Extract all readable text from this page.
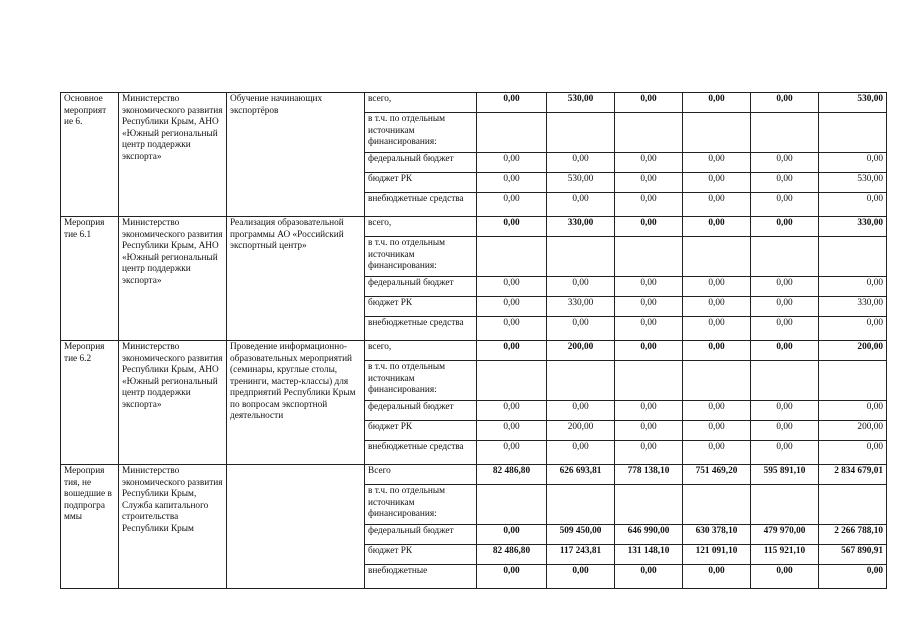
Основное мероприят ие 6.	Министерство экономического развития Республики Крым, АНО «Южный региональный центр поддержки экспорта»	Обучение начинающих экспортёров	всего,	0,00	530,00	0,00	0,00	0,00	530,00
			в т.ч. по отдельным источникам финансирования:						
			федеральный бюджет	0,00	0,00	0,00	0,00	0,00	0,00
			бюджет РК	0,00	530,00	0,00	0,00	0,00	530,00
			внебюджетные средства	0,00	0,00	0,00	0,00	0,00	0,00
Мероприя тие 6.1	Министерство экономического развития Республики Крым, АНО «Южный региональный центр поддержки экспорта»	Реализация образовательной программы АО «Российский экспортный центр»	всего,	0,00	330,00	0,00	0,00	0,00	330,00
			в т.ч. по отдельным источникам финансирования:						
			федеральный бюджет	0,00	0,00	0,00	0,00	0,00	0,00
			бюджет РК	0,00	330,00	0,00	0,00	0,00	330,00
			внебюджетные средства	0,00	0,00	0,00	0,00	0,00	0,00
Мероприя тие 6.2	Министерство экономического развития Республики Крым, АНО «Южный региональный центр поддержки экспорта»	Проведение информационно-образовательных мероприятий (семинары, круглые столы, тренинги, мастер-классы) для предприятий Республики Крым по вопросам экспортной деятельности	всего,	0,00	200,00	0,00	0,00	0,00	200,00
			в т.ч. по отдельным источникам финансирования:						
			федеральный бюджет	0,00	0,00	0,00	0,00	0,00	0,00
			бюджет РК	0,00	200,00	0,00	0,00	0,00	200,00
			внебюджетные средства	0,00	0,00	0,00	0,00	0,00	0,00
Мероприя тия, не вошедшие в подпрогра ммы	Министерство экономического развития Республики Крым, Служба капитального строительства Республики Крым		Всего	82 486,80	626 693,81	778 138,10	751 469,20	595 891,10	2 834 679,01
			в т.ч. по отдельным источникам финансирования:						
			федеральный бюджет	0,00	509 450,00	646 990,00	630 378,10	479 970,00	2 266 788,10
			бюджет РК	82 486,80	117 243,81	131 148,10	121 091,10	115 921,10	567 890,91
			внебюджетные	0,00	0,00	0,00	0,00	0,00	0,00
